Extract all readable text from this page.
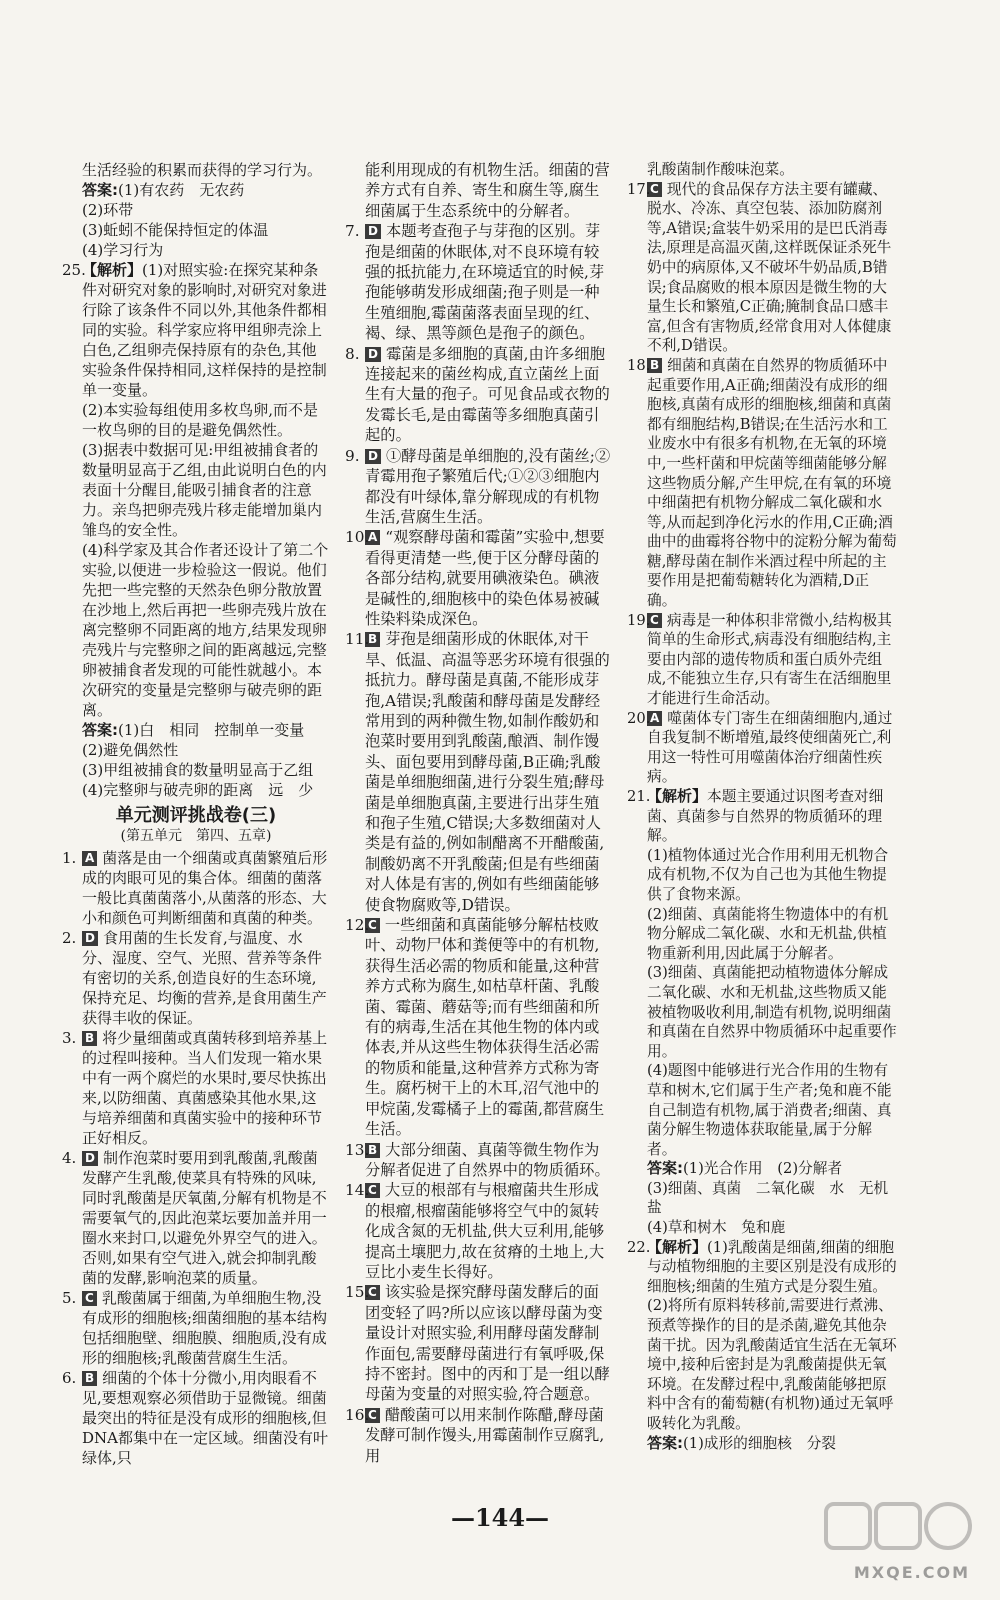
生活经验的积累而获得的学习行为。
答案:(1)有农药　无农药
(2)环带
(3)蚯蚓不能保持恒定的体温
(4)学习行为
25.
【解析】(1)对照实验:在探究某种条件对研究对象的影响时,对研究对象进行除了该条件不同以外,其他条件都相同的实验。科学家应将甲组卵壳涂上白色,乙组卵壳保持原有的杂色,其他实验条件保持相同,这样保持的是控制单一变量。
(2)本实验每组使用多枚鸟卵,而不是一枚鸟卵的目的是避免偶然性。
(3)据表中数据可见:甲组被捕食者的数量明显高于乙组,由此说明白色的内表面十分醒目,能吸引捕食者的注意力。亲鸟把卵壳残片移走能增加巢内雏鸟的安全性。
(4)科学家及其合作者还设计了第二个实验,以便进一步检验这一假说。他们先把一些完整的天然杂色卵分散放置在沙地上,然后再把一些卵壳残片放在离完整卵不同距离的地方,结果发现卵壳残片与完整卵之间的距离越远,完整卵被捕食者发现的可能性就越小。本次研究的变量是完整卵与破壳卵的距离。
答案:(1)白　相同　控制单一变量
(2)避免偶然性
(3)甲组被捕食的数量明显高于乙组
(4)完整卵与破壳卵的距离　远　少
单元测评挑战卷(三)
(第五单元　第四、五章)
1. A 菌落是由一个细菌或真菌繁殖后形成的肉眼可见的集合体。细菌的菌落一般比真菌菌落小,从菌落的形态、大小和颜色可判断细菌和真菌的种类。
2. D 食用菌的生长发育,与温度、水分、湿度、空气、光照、营养等条件有密切的关系,创造良好的生态环境,保持充足、均衡的营养,是食用菌生产获得丰收的保证。
3. B 将少量细菌或真菌转移到培养基上的过程叫接种。当人们发现一箱水果中有一两个腐烂的水果时,要尽快拣出来,以防细菌、真菌感染其他水果,这与培养细菌和真菌实验中的接种环节正好相反。
4. D 制作泡菜时要用到乳酸菌,乳酸菌发酵产生乳酸,使菜具有特殊的风味,同时乳酸菌是厌氧菌,分解有机物是不需要氧气的,因此泡菜坛要加盖并用一圈水来封口,以避免外界空气的进入。否则,如果有空气进入,就会抑制乳酸菌的发酵,影响泡菜的质量。
5. C 乳酸菌属于细菌,为单细胞生物,没有成形的细胞核;细菌细胞的基本结构包括细胞壁、细胞膜、细胞质,没有成形的细胞核;乳酸菌营腐生生活。
6. B 细菌的个体十分微小,用肉眼看不见,要想观察必须借助于显微镜。细菌最突出的特征是没有成形的细胞核,但DNA都集中在一定区域。细菌没有叶绿体,只
能利用现成的有机物生活。细菌的营养方式有自养、寄生和腐生等,腐生细菌属于生态系统中的分解者。
7. D 本题考查孢子与芽孢的区别。芽孢是细菌的休眠体,对不良环境有较强的抵抗能力,在环境适宜的时候,芽孢能够萌发形成细菌;孢子则是一种生殖细胞,霉菌菌落表面呈现的红、褐、绿、黑等颜色是孢子的颜色。
8. D 霉菌是多细胞的真菌,由许多细胞连接起来的菌丝构成,直立菌丝上面生有大量的孢子。可见食品或衣物的发霉长毛,是由霉菌等多细胞真菌引起的。
9. D ①酵母菌是单细胞的,没有菌丝;②青霉用孢子繁殖后代;①②③细胞内都没有叶绿体,靠分解现成的有机物生活,营腐生生活。
10.
A “观察酵母菌和霉菌”实验中,想要看得更清楚一些,便于区分酵母菌的各部分结构,就要用碘液染色。碘液是碱性的,细胞核中的染色体易被碱性染料染成深色。
11.
B 芽孢是细菌形成的休眠体,对干旱、低温、高温等恶劣环境有很强的抵抗力。酵母菌是真菌,不能形成芽孢,A错误;乳酸菌和酵母菌是发酵经常用到的两种微生物,如制作酸奶和泡菜时要用到乳酸菌,酿酒、制作馒头、面包要用到酵母菌,B正确;乳酸菌是单细胞细菌,进行分裂生殖;酵母菌是单细胞真菌,主要进行出芽生殖和孢子生殖,C错误;大多数细菌对人类是有益的,例如制醋离不开醋酸菌,制酸奶离不开乳酸菌;但是有些细菌对人体是有害的,例如有些细菌能够使食物腐败等,D错误。
12.
C 一些细菌和真菌能够分解枯枝败叶、动物尸体和粪便等中的有机物,获得生活必需的物质和能量,这种营养方式称为腐生,如枯草杆菌、乳酸菌、霉菌、蘑菇等;而有些细菌和所有的病毒,生活在其他生物的体内或体表,并从这些生物体获得生活必需的物质和能量,这种营养方式称为寄生。腐朽树干上的木耳,沼气池中的甲烷菌,发霉橘子上的霉菌,都营腐生生活。
13.
B 大部分细菌、真菌等微生物作为分解者促进了自然界中的物质循环。
14.
C 大豆的根部有与根瘤菌共生形成的根瘤,根瘤菌能够将空气中的氮转化成含氮的无机盐,供大豆利用,能够提高土壤肥力,故在贫瘠的土地上,大豆比小麦生长得好。
15.
C 该实验是探究酵母菌发酵后的面团变轻了吗?所以应该以酵母菌为变量设计对照实验,利用酵母菌发酵制作面包,需要酵母菌进行有氧呼吸,保持不密封。图中的丙和丁是一组以酵母菌为变量的对照实验,符合题意。
16.
C 醋酸菌可以用来制作陈醋,酵母菌发酵可制作馒头,用霉菌制作豆腐乳,用
乳酸菌制作酸味泡菜。
17. C 现代的食品保存方法主要有罐藏、脱水、冷冻、真空包装、添加防腐剂等,A错误;盒装牛奶采用的是巴氏消毒法,原理是高温灭菌,这样既保证杀死牛奶中的病原体,又不破坏牛奶品质,B错误;食品腐败的根本原因是微生物的大量生长和繁殖,C正确;腌制食品口感丰富,但含有害物质,经常食用对人体健康不利,D错误。
18. B 细菌和真菌在自然界的物质循环中起重要作用,A正确;细菌没有成形的细胞核,真菌有成形的细胞核,细菌和真菌都有细胞结构,B错误;在生活污水和工业废水中有很多有机物,在无氧的环境中,一些杆菌和甲烷菌等细菌能够分解这些物质分解,产生甲烷,在有氧的环境中细菌把有机物分解成二氧化碳和水等,从而起到净化污水的作用,C正确;酒曲中的曲霉将谷物中的淀粉分解为葡萄糖,酵母菌在制作米酒过程中所起的主要作用是把葡萄糖转化为酒精,D正确。
19. C 病毒是一种体积非常微小,结构极其简单的生命形式,病毒没有细胞结构,主要由内部的遗传物质和蛋白质外壳组成,不能独立生存,只有寄生在活细胞里才能进行生命活动。
20. A 噬菌体专门寄生在细菌细胞内,通过自我复制不断增殖,最终使细菌死亡,利用这一特性可用噬菌体治疗细菌性疾病。
21.
【解析】本题主要通过识图考查对细菌、真菌参与自然界的物质循环的理解。
(1)植物体通过光合作用利用无机物合成有机物,不仅为自己也为其他生物提供了食物来源。
(2)细菌、真菌能将生物遗体中的有机物分解成二氧化碳、水和无机盐,供植物重新利用,因此属于分解者。
(3)细菌、真菌能把动植物遗体分解成二氧化碳、水和无机盐,这些物质又能被植物吸收利用,制造有机物,说明细菌和真菌在自然界中物质循环中起重要作用。
(4)题图中能够进行光合作用的生物有草和树木,它们属于生产者;兔和鹿不能自己制造有机物,属于消费者;细菌、真菌分解生物遗体获取能量,属于分解者。
答案:(1)光合作用　(2)分解者
(3)细菌、真菌　二氧化碳　水　无机盐
(4)草和树木　兔和鹿
22.
【解析】(1)乳酸菌是细菌,细菌的细胞与动植物细胞的主要区别是没有成形的细胞核;细菌的生殖方式是分裂生殖。
(2)将所有原料转移前,需要进行煮沸、预煮等操作的目的是杀菌,避免其他杂菌干扰。因为乳酸菌适宜生活在无氧环境中,接种后密封是为乳酸菌提供无氧环境。在发酵过程中,乳酸菌能够把原料中含有的葡萄糖(有机物)通过无氧呼吸转化为乳酸。
答案:(1)成形的细胞核　分裂
—144—
MXQE.COM
